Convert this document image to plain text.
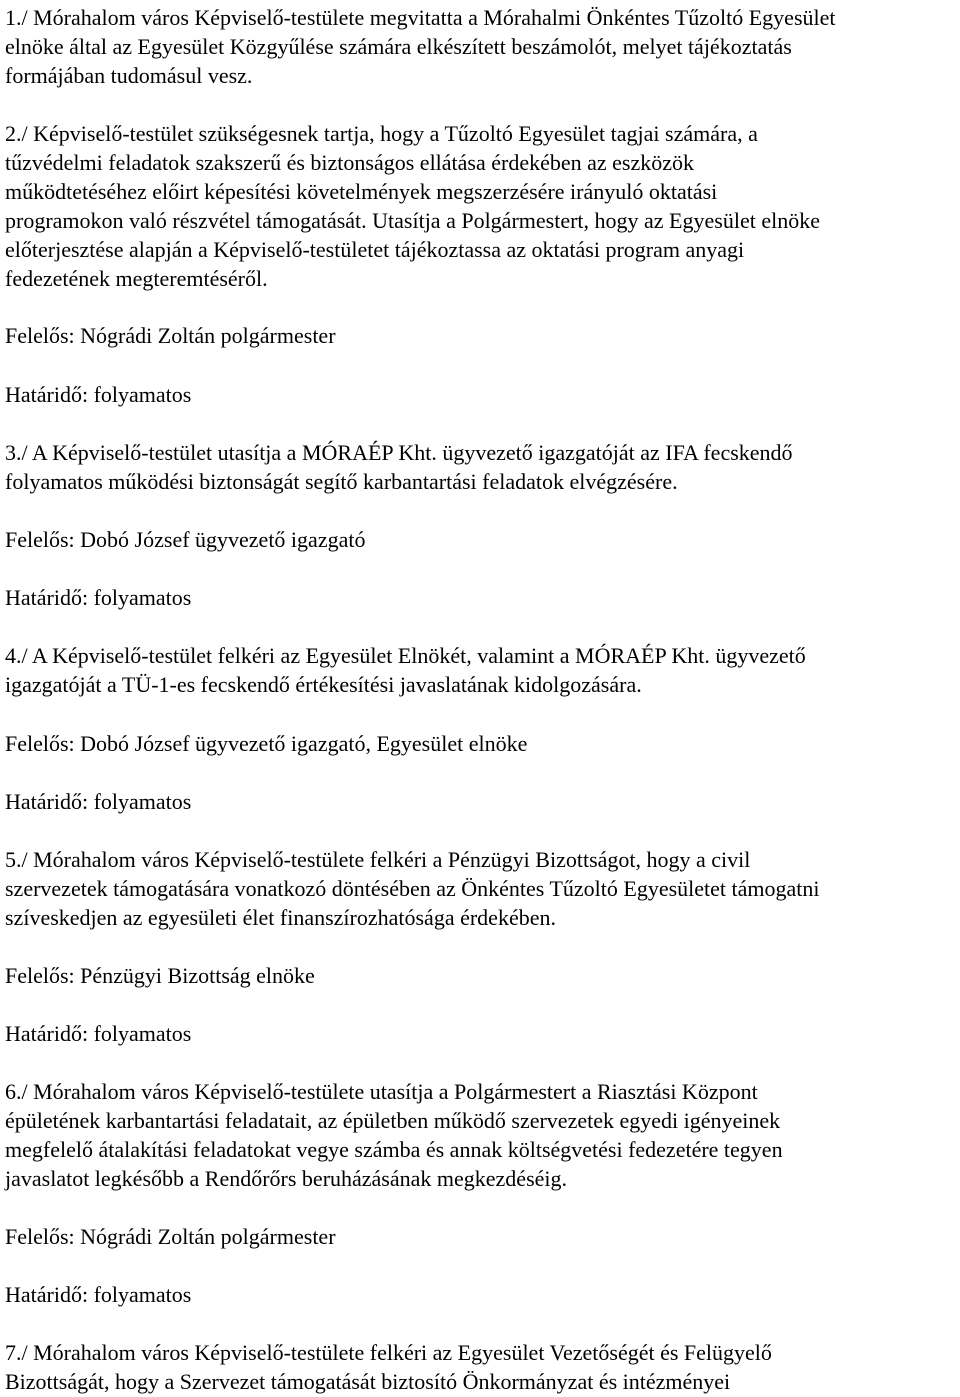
1./ Mórahalom város Képviselő-testülete megvitatta a Mórahalmi Önkéntes Tűzoltó Egyesület
elnöke által az Egyesület Közgyűlése számára elkészített beszámolót, melyet tájékoztatás
formájában tudomásul vesz.
2./ Képviselő-testület szükségesnek tartja, hogy a Tűzoltó Egyesület tagjai számára, a
tűzvédelmi feladatok szakszerű és biztonságos ellátása érdekében az eszközök
működtetéséhez előirt képesítési követelmények megszerzésére irányuló oktatási
programokon való részvétel támogatását. Utasítja a Polgármestert, hogy az Egyesület elnöke
előterjesztése alapján a Képviselő-testületet tájékoztassa az oktatási program anyagi
fedezetének megteremtéséről.
Felelős: Nógrádi Zoltán polgármester
Határidő: folyamatos
3./ A Képviselő-testület utasítja a MÓRAÉP Kht. ügyvezető igazgatóját az IFA fecskendő
folyamatos működési biztonságát segítő karbantartási feladatok elvégzésére.
Felelős: Dobó József ügyvezető igazgató
Határidő: folyamatos
4./ A Képviselő-testület felkéri az Egyesület Elnökét, valamint a MÓRAÉP Kht. ügyvezető
igazgatóját a TÜ-1-es fecskendő értékesítési javaslatának kidolgozására.
Felelős: Dobó József ügyvezető igazgató, Egyesület elnöke
Határidő: folyamatos
5./ Mórahalom város Képviselő-testülete felkéri a Pénzügyi Bizottságot, hogy a civil
szervezetek támogatására vonatkozó döntésében az Önkéntes Tűzoltó Egyesületet támogatni
szíveskedjen az egyesületi élet finanszírozhatósága érdekében.
Felelős: Pénzügyi Bizottság elnöke
Határidő: folyamatos
6./ Mórahalom város Képviselő-testülete utasítja a Polgármestert a Riasztási Központ
épületének karbantartási feladatait, az épületben működő szervezetek egyedi igényeinek
megfelelő átalakítási feladatokat vegye számba és annak költségvetési fedezetére tegyen
javaslatot legkésőbb a Rendőrőrs beruházásának megkezdéséig.
Felelős: Nógrádi Zoltán polgármester
Határidő: folyamatos
7./ Mórahalom város Képviselő-testülete felkéri az Egyesület Vezetőségét és Felügyelő
Bizottságát, hogy a Szervezet támogatását biztosító Önkormányzat és intézményei
